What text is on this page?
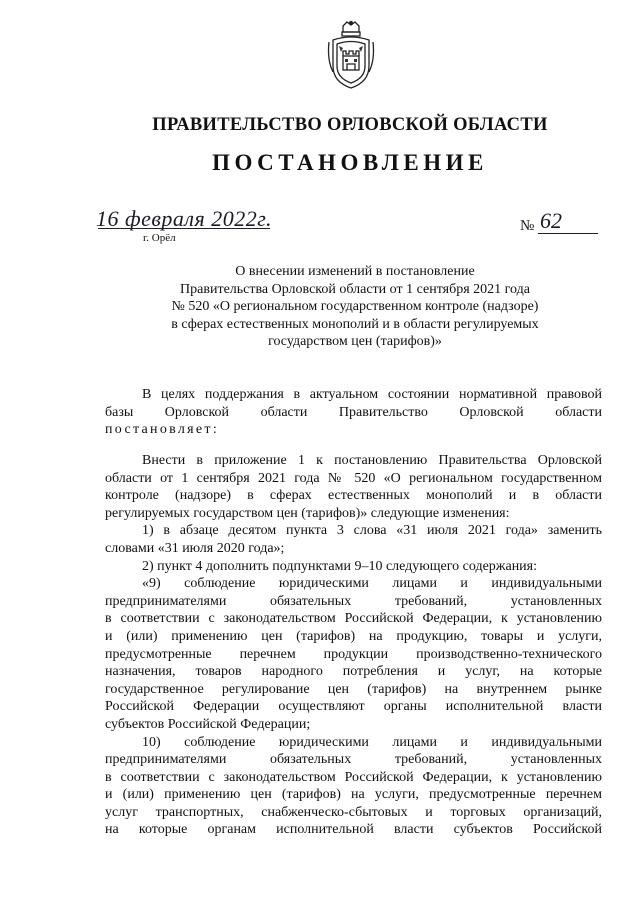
ПРАВИТЕЛЬСТВО ОРЛОВСКОЙ ОБЛАСТИ
ПОСТАНОВЛЕНИЕ
16 февраля 2022г.
г. Орёл
№ 62
О внесении изменений в постановление
Правительства Орловской области от 1 сентября 2021 года
№ 520 «О региональном государственном контроле (надзоре)
в сферах естественных монополий и в области регулируемых
государством цен (тарифов)»
В целях поддержания в актуальном состоянии нормативной правовой
базы Орловской области Правительство Орловской области
постановляет:
Внести в приложение 1 к постановлению Правительства Орловской
области от 1 сентября 2021 года № 520 «О региональном государственном
контроле (надзоре) в сферах естественных монополий и в области
регулируемых государством цен (тарифов)» следующие изменения:
1) в абзаце десятом пункта 3 слова «31 июля 2021 года» заменить
словами «31 июля 2020 года»;
2) пункт 4 дополнить подпунктами 9–10 следующего содержания:
«9) соблюдение юридическими лицами и индивидуальными
предпринимателями обязательных требований, установленных
в соответствии с законодательством Российской Федерации, к установлению
и (или) применению цен (тарифов) на продукцию, товары и услуги,
предусмотренные перечнем продукции производственно-технического
назначения, товаров народного потребления и услуг, на которые
государственное регулирование цен (тарифов) на внутреннем рынке
Российской Федерации осуществляют органы исполнительной власти
субъектов Российской Федерации;
10) соблюдение юридическими лицами и индивидуальными
предпринимателями обязательных требований, установленных
в соответствии с законодательством Российской Федерации, к установлению
и (или) применению цен (тарифов) на услуги, предусмотренные перечнем
услуг транспортных, снабженческо-сбытовых и торговых организаций,
на которые органам исполнительной власти субъектов Российской
